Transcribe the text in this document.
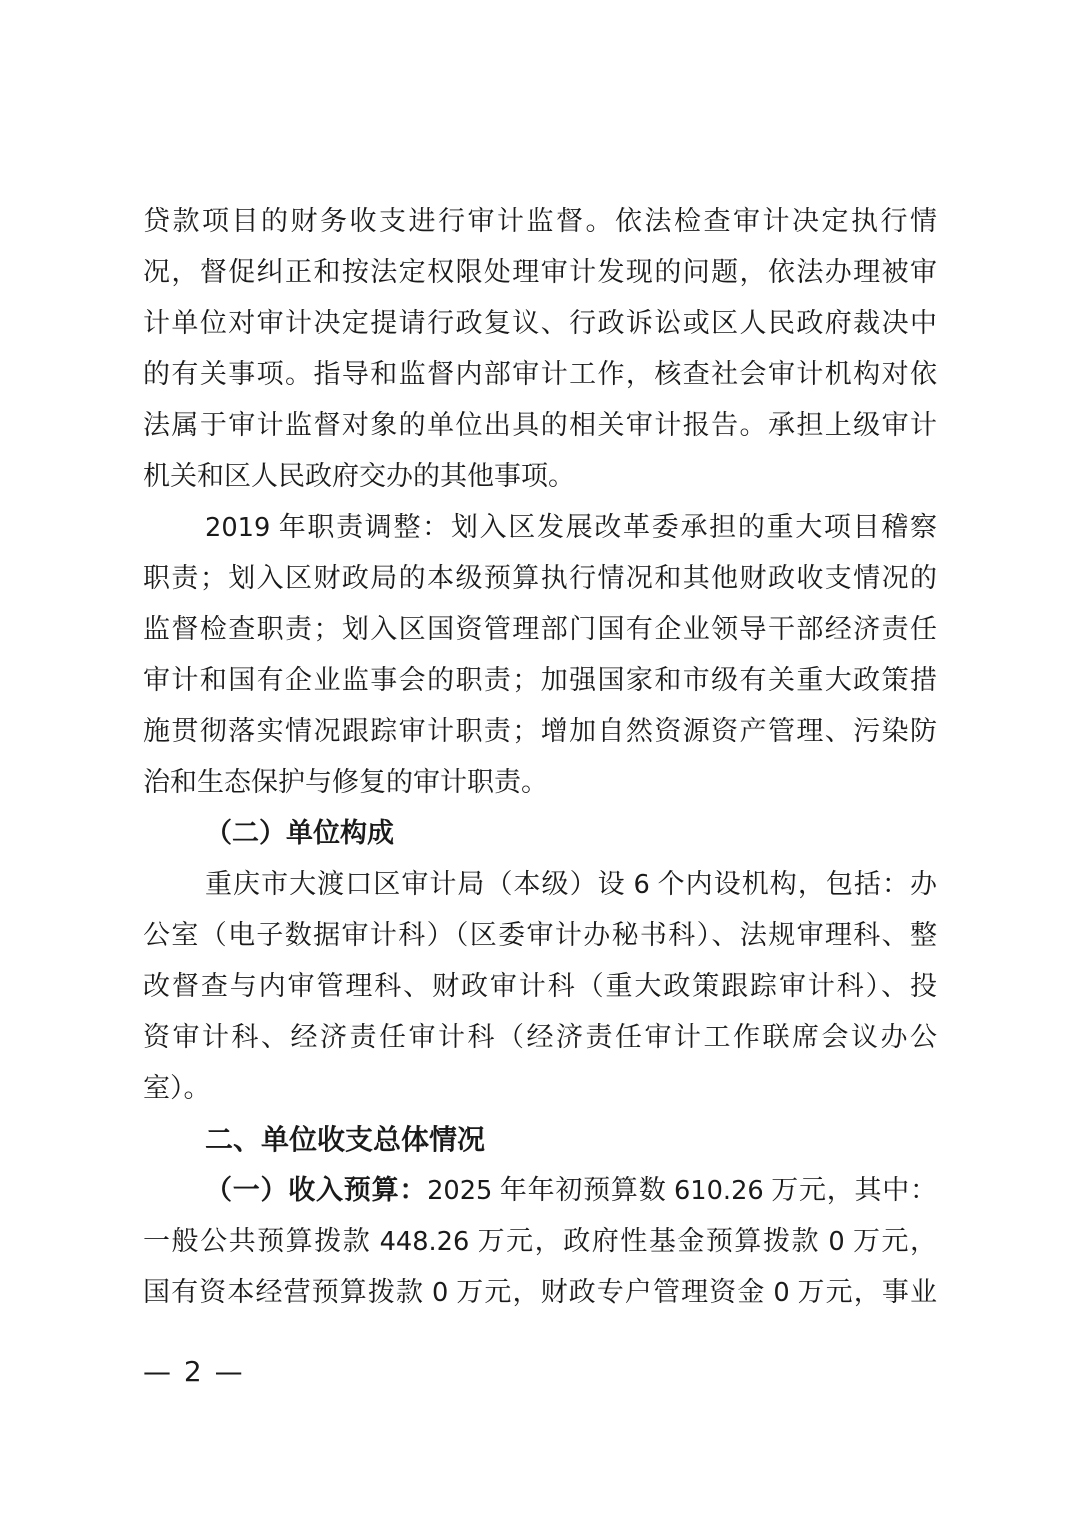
贷款项目的财务收支进行审计监督。依法检查审计决定执行情
况，督促纠正和按法定权限处理审计发现的问题，依法办理被审
计单位对审计决定提请行政复议、行政诉讼或区人民政府裁决中
的有关事项。指导和监督内部审计工作，核查社会审计机构对依
法属于审计监督对象的单位出具的相关审计报告。承担上级审计
机关和区人民政府交办的其他事项。
2019 年职责调整：划入区发展改革委承担的重大项目稽察
职责；划入区财政局的本级预算执行情况和其他财政收支情况的
监督检查职责；划入区国资管理部门国有企业领导干部经济责任
审计和国有企业监事会的职责；加强国家和市级有关重大政策措
施贯彻落实情况跟踪审计职责；增加自然资源资产管理、污染防
治和生态保护与修复的审计职责。
（二）单位构成
重庆市大渡口区审计局（本级）设 6 个内设机构，包括：办
公室（电子数据审计科）（区委审计办秘书科）、法规审理科、整
改督查与内审管理科、财政审计科（重大政策跟踪审计科）、投
资审计科、经济责任审计科（经济责任审计工作联席会议办公
室）。
二、单位收支总体情况
（一）收入预算：2025 年年初预算数 610.26 万元，其中：
一般公共预算拨款 448.26 万元，政府性基金预算拨款 0 万元，
国有资本经营预算拨款 0 万元，财政专户管理资金 0 万元，事业
— 2 —
